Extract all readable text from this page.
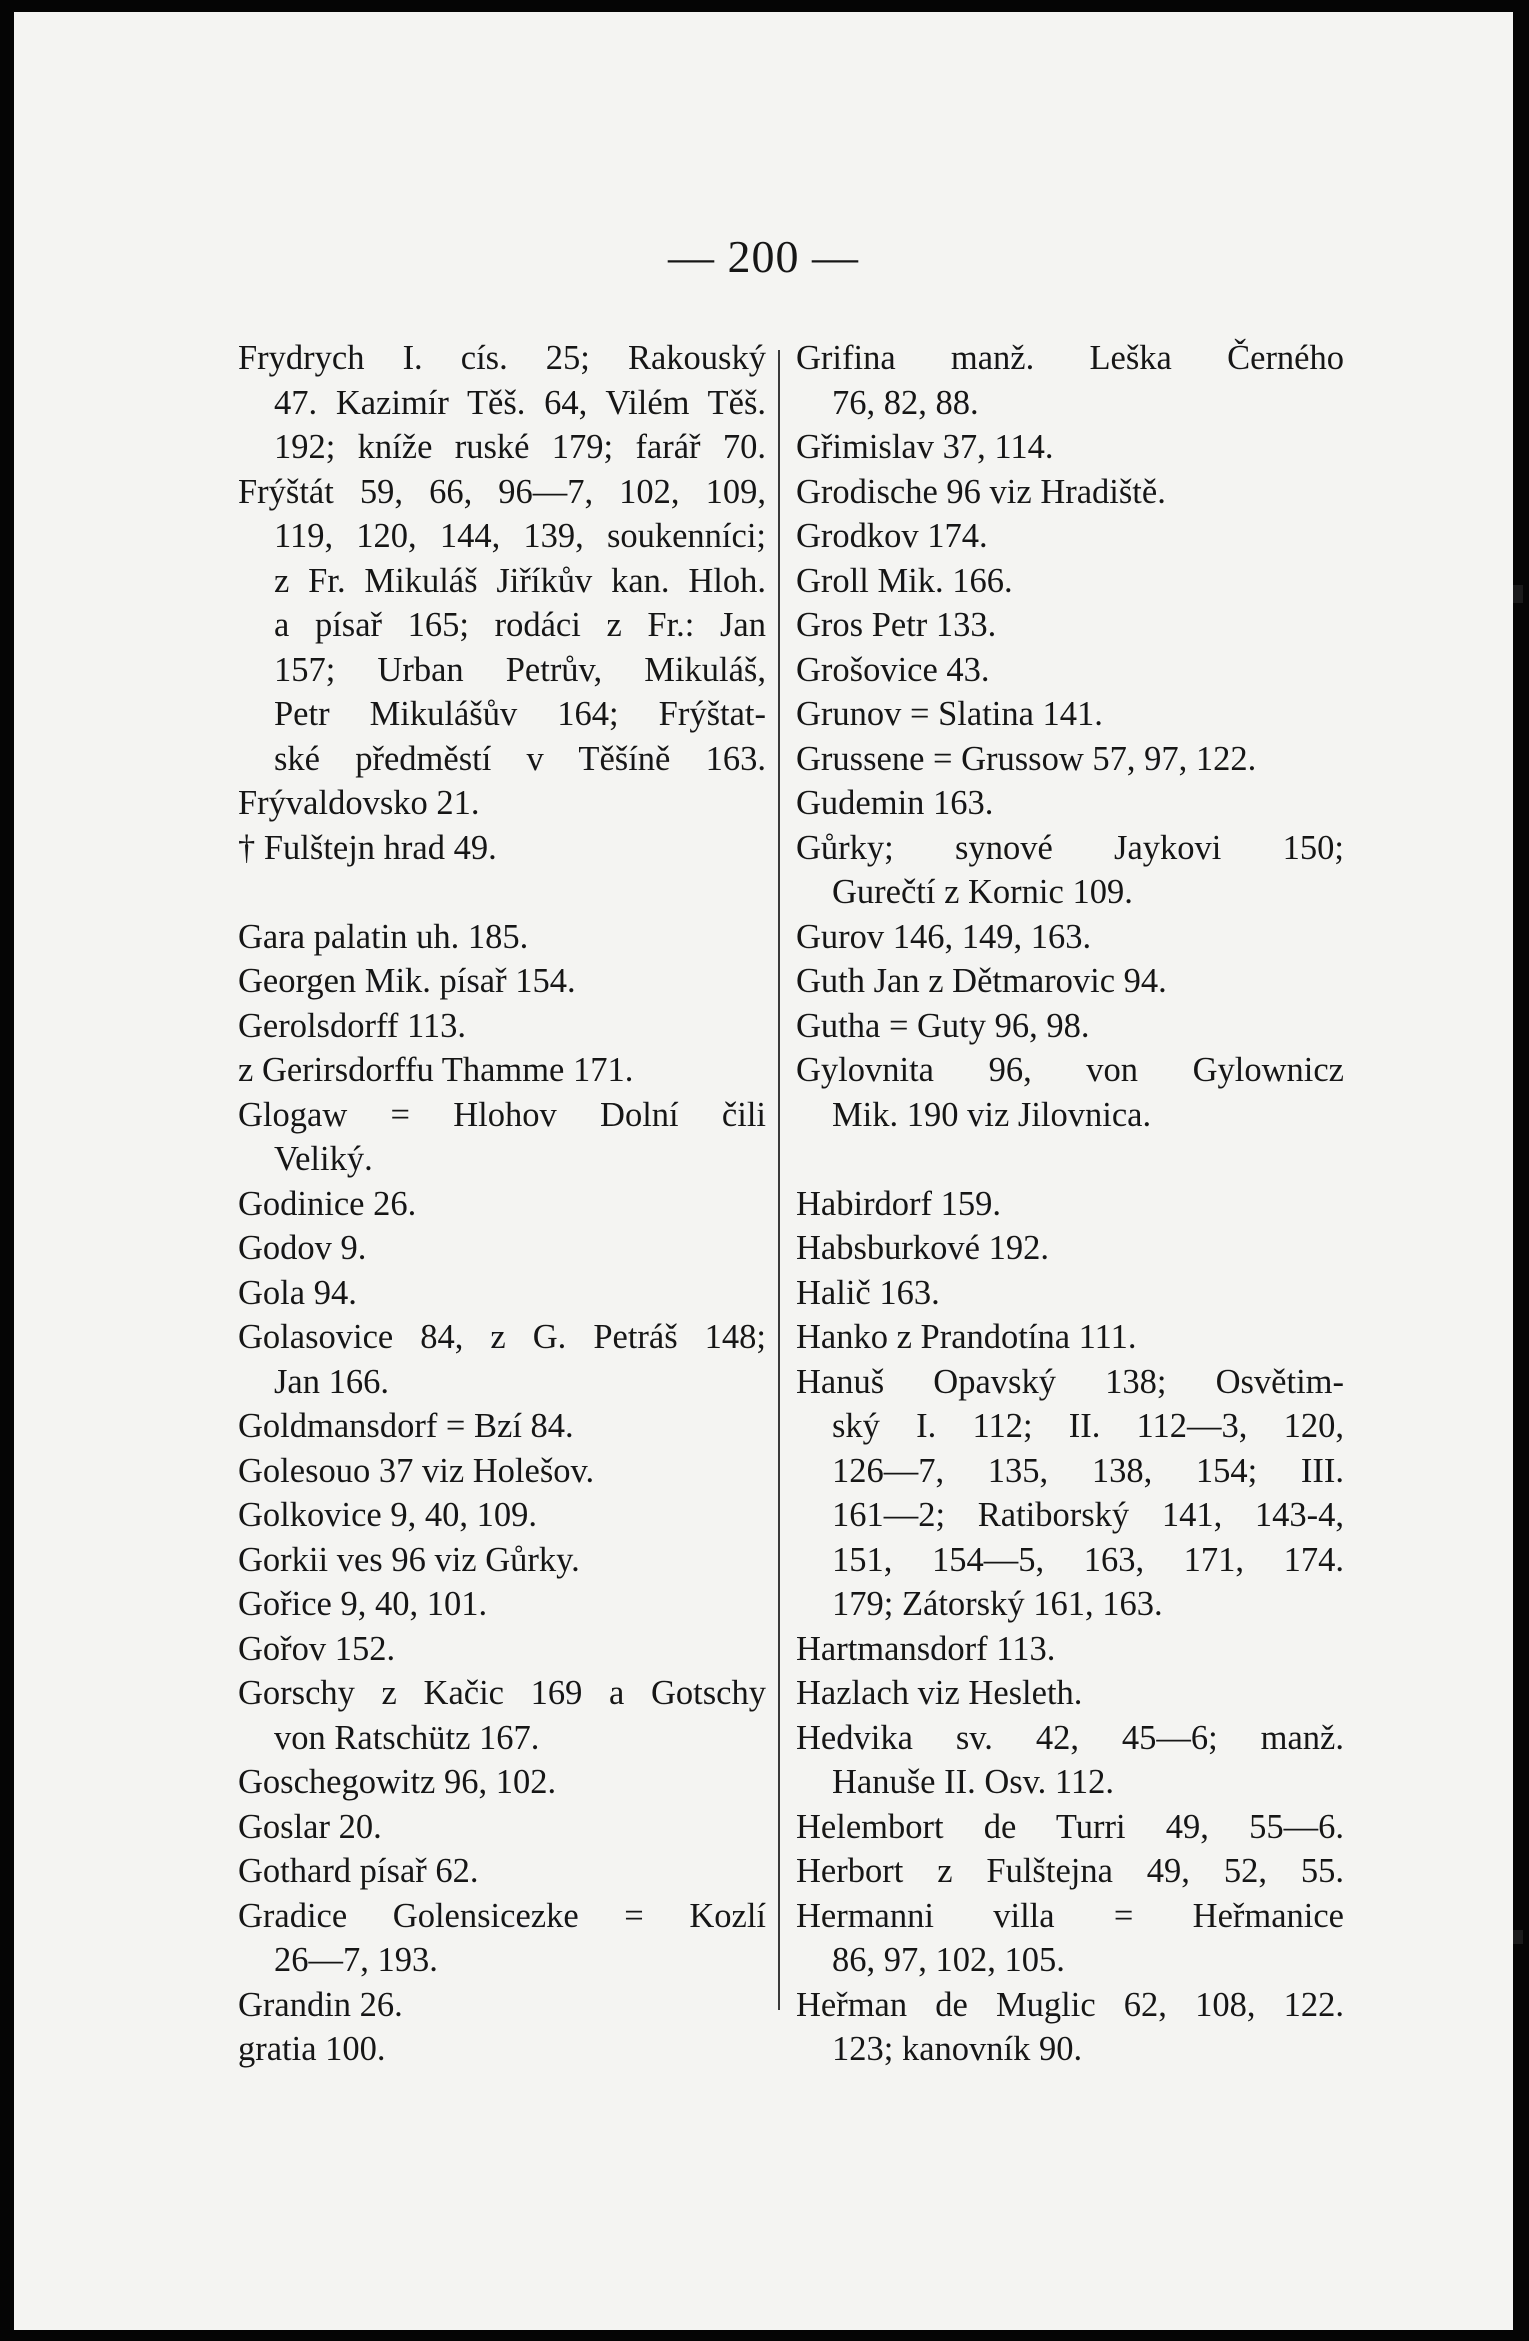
— 200 —
Frydrych I. cís. 25; Rakouský
47. Kazimír Těš. 64, Vilém Těš.
192; kníže ruské 179; farář 70.
Frýštát 59, 66, 96—7, 102, 109,
119, 120, 144, 139, soukenníci;
z Fr. Mikuláš Jiříkův kan. Hloh.
a písař 165; rodáci z Fr.: Jan
157; Urban Petrův, Mikuláš,
Petr Mikulášův 164; Frýštat-
ské předměstí v Těšíně 163.
Frývaldovsko 21.
† Fulštejn hrad 49.
Gara palatin uh. 185.
Georgen Mik. písař 154.
Gerolsdorff 113.
z Gerirsdorffu Thamme 171.
Glogaw = Hlohov Dolní čili
Veliký.
Godinice 26.
Godov 9.
Gola 94.
Golasovice 84, z G. Petráš 148;
Jan 166.
Goldmansdorf = Bzí 84.
Golesouo 37 viz Holešov.
Golkovice 9, 40, 109.
Gorkii ves 96 viz Gůrky.
Gořice 9, 40, 101.
Gořov 152.
Gorschy z Kačic 169 a Gotschy
von Ratschütz 167.
Goschegowitz 96, 102.
Goslar 20.
Gothard písař 62.
Gradice Golensicezke = Kozlí
26—7, 193.
Grandin 26.
gratia 100.
Grifina manž. Leška Černého
76, 82, 88.
Gřimislav 37, 114.
Grodische 96 viz Hradiště.
Grodkov 174.
Groll Mik. 166.
Gros Petr 133.
Grošovice 43.
Grunov = Slatina 141.
Grussene = Grussow 57, 97, 122.
Gudemin 163.
Gůrky; synové Jaykovi 150;
Gurečtí z Kornic 109.
Gurov 146, 149, 163.
Guth Jan z Dětmarovic 94.
Gutha = Guty 96, 98.
Gylovnita 96, von Gylownicz
Mik. 190 viz Jilovnica.
Habirdorf 159.
Habsburkové 192.
Halič 163.
Hanko z Prandotína 111.
Hanuš Opavský 138; Osvětim-
ský I. 112; II. 112—3, 120,
126—7, 135, 138, 154; III.
161—2; Ratiborský 141, 143-4,
151, 154—5, 163, 171, 174.
179; Zátorský 161, 163.
Hartmansdorf 113.
Hazlach viz Hesleth.
Hedvika sv. 42, 45—6; manž.
Hanuše II. Osv. 112.
Helembort de Turri 49, 55—6.
Herbort z Fulštejna 49, 52, 55.
Hermanni villa = Heřmanice
86, 97, 102, 105.
Heřman de Muglic 62, 108, 122.
123; kanovník 90.
